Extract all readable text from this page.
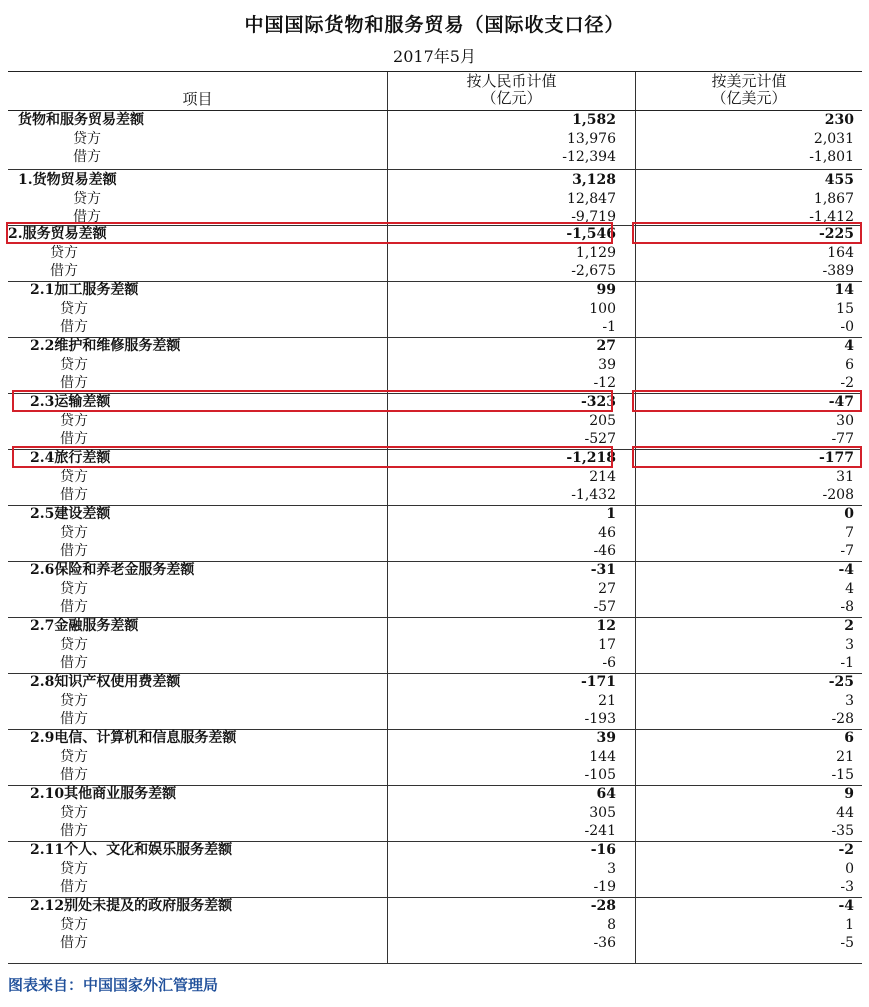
中国国际货物和服务贸易（国际收支口径）
2017年5月
项目
按人民币计值
（亿元）
按美元计值
（亿美元）
货物和服务贸易差额	1,582	230
贷方	13,976	2,031
借方	-12,394	-1,801
1.货物贸易差额	3,128	455
贷方	12,847	1,867
借方	-9,719	-1,412
2.服务贸易差额	-1,546	-225
贷方	1,129	164
借方	-2,675	-389
2.1加工服务差额	99	14
贷方	100	15
借方	-1	-0
2.2维护和维修服务差额	27	4
贷方	39	6
借方	-12	-2
2.3运输差额	-323	-47
贷方	205	30
借方	-527	-77
2.4旅行差额	-1,218	-177
贷方	214	31
借方	-1,432	-208
2.5建设差额	1	0
贷方	46	7
借方	-46	-7
2.6保险和养老金服务差额	-31	-4
贷方	27	4
借方	-57	-8
2.7金融服务差额	12	2
贷方	17	3
借方	-6	-1
2.8知识产权使用费差额	-171	-25
贷方	21	3
借方	-193	-28
2.9电信、计算机和信息服务差额	39	6
贷方	144	21
借方	-105	-15
2.10其他商业服务差额	64	9
贷方	305	44
借方	-241	-35
2.11个人、文化和娱乐服务差额	-16	-2
贷方	3	0
借方	-19	-3
2.12别处未提及的政府服务差额	-28	-4
贷方	8	1
借方	-36	-5
图表来自：中国国家外汇管理局
